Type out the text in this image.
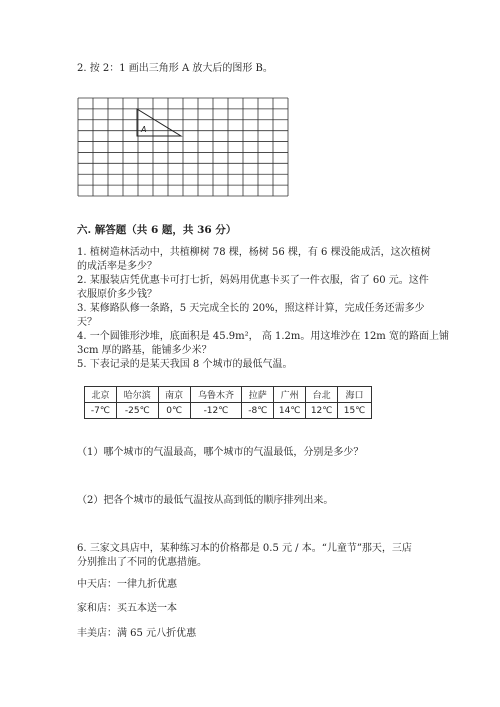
2. 按 2：1 画出三角形 A 放大后的图形 B。
A
六. 解答题（共 6 题，共 36 分）
1. 植树造林活动中，共植柳树 78 棵，杨树 56 棵，有 6 棵没能成活，这次植树
的成活率是多少？
2. 某服装店凭优惠卡可打七折，妈妈用优惠卡买了一件衣服，省了 60 元。这件
衣服原价多少钱？
3. 某修路队修一条路，5 天完成全长的 20%，照这样计算，完成任务还需多少
天？
4. 一个圆锥形沙堆，底面积是 45.9m²， 高 1.2m。用这堆沙在 12m 宽的路面上铺
3cm 厚的路基，能铺多少米？
5. 下表记录的是某天我国 8 个城市的最低气温。
北京	哈尔滨	南京	乌鲁木齐	拉萨	广州	台北	海口
-7℃	-25℃	0℃	-12℃	-8℃	14℃	12℃	15℃
（1）哪个城市的气温最高，哪个城市的气温最低，分别是多少？
（2）把各个城市的最低气温按从高到低的顺序排列出来。
6. 三家文具店中，某种练习本的价格都是 0.5 元 / 本。“儿童节”那天，三店
分别推出了不同的优惠措施。
中天店：一律九折优惠
家和店：买五本送一本
丰美店：满 65 元八折优惠
